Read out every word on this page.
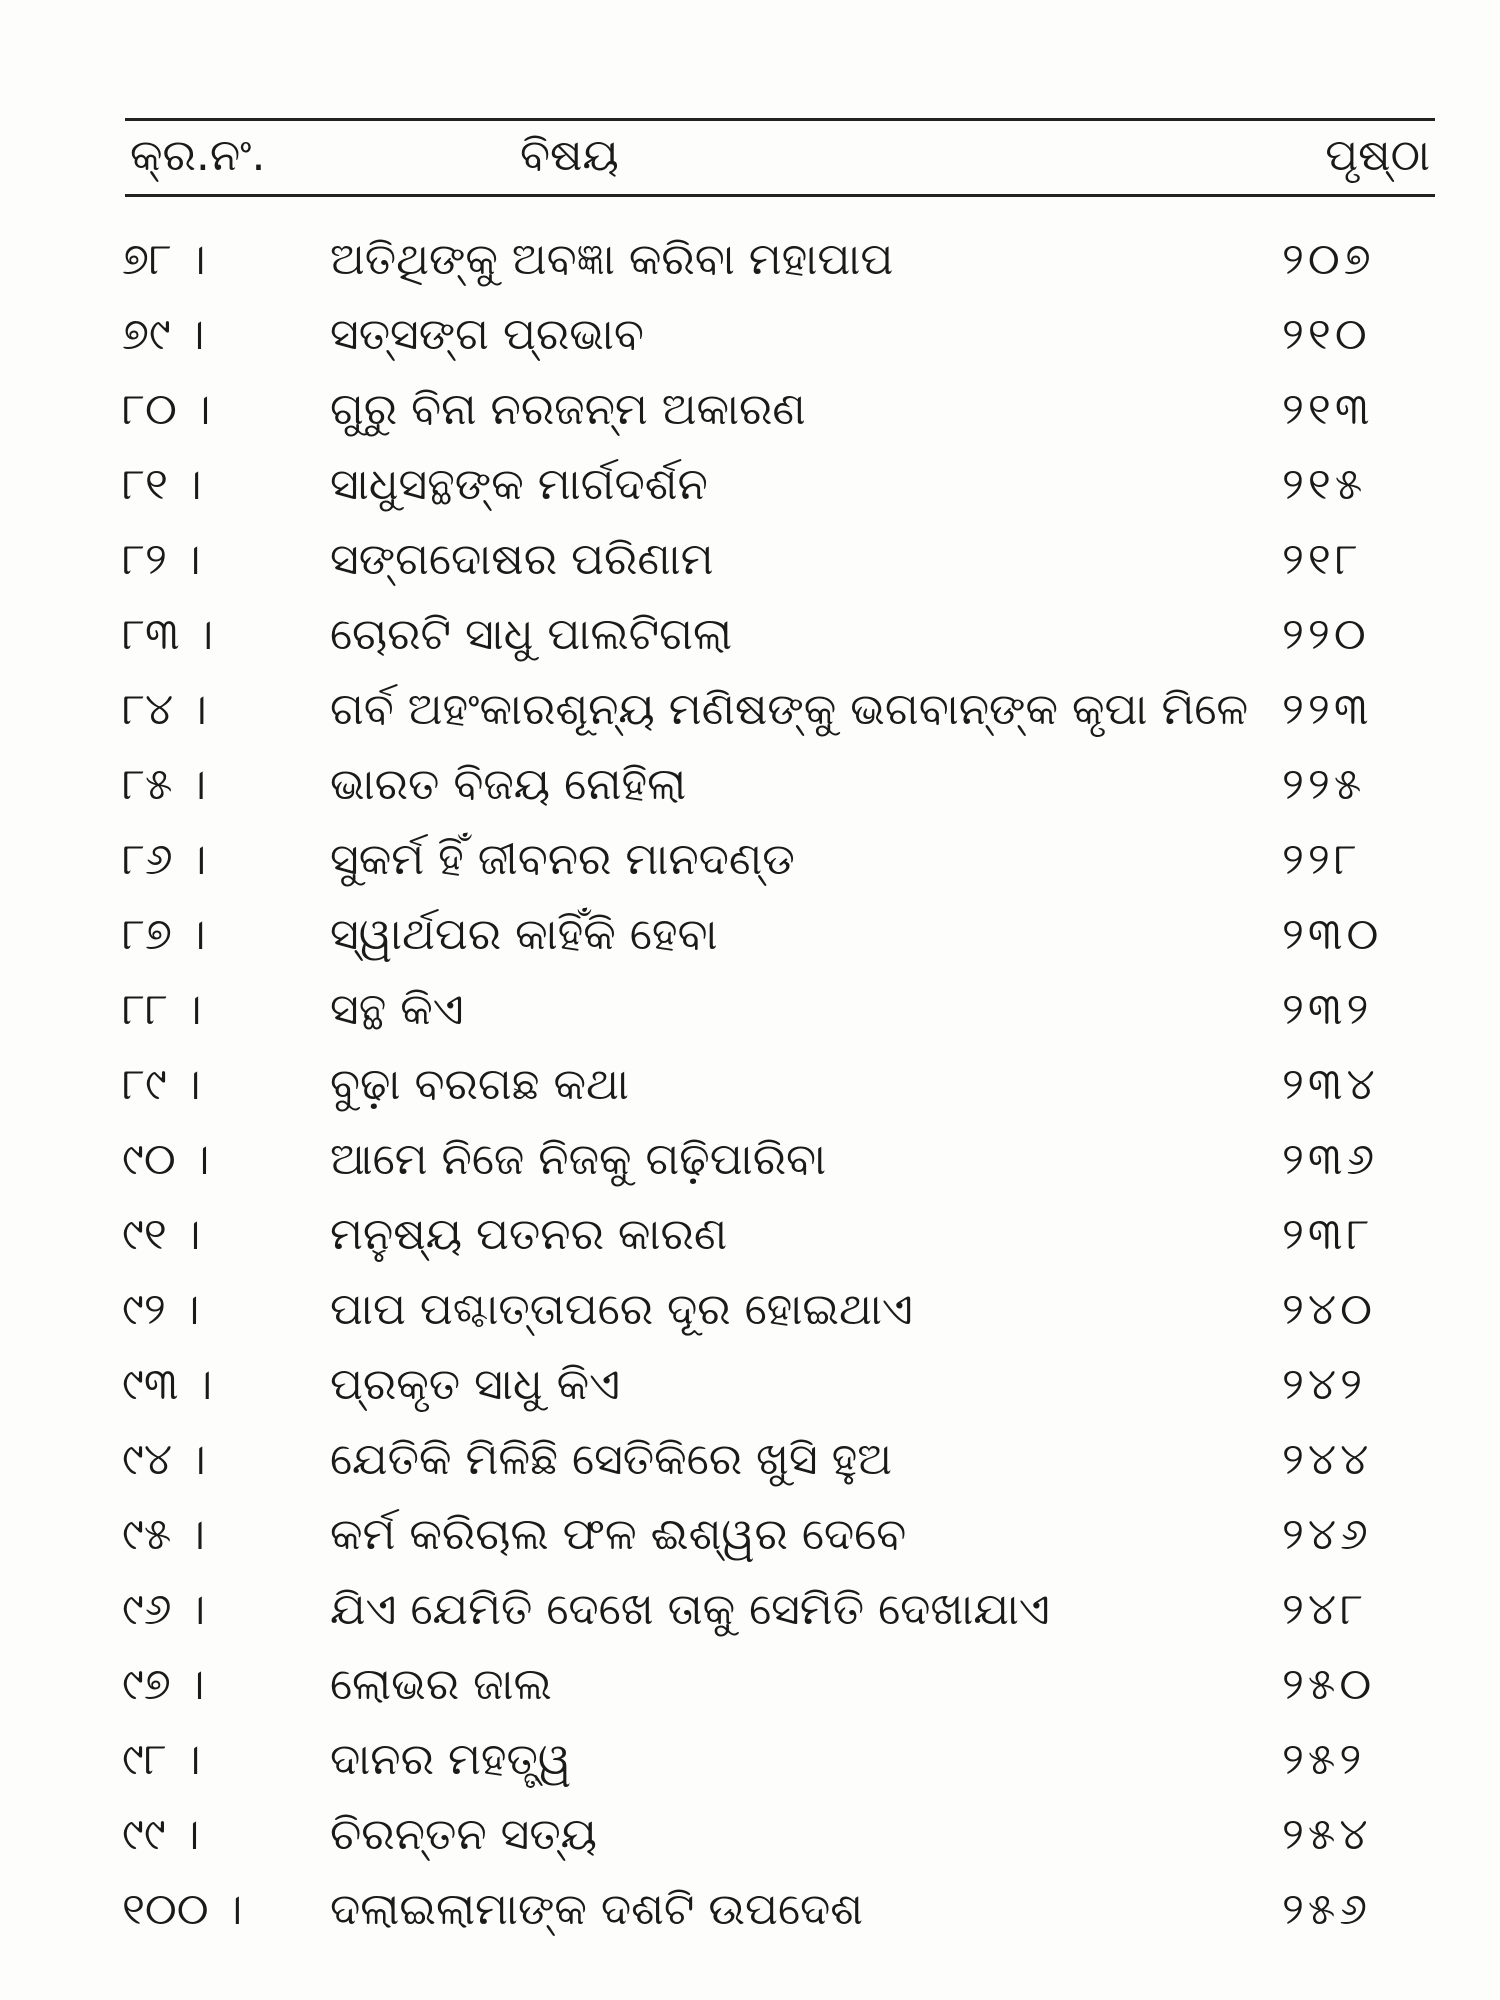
କ୍ର.ନଂ.	ବିଷୟ	ପୃଷ୍ଠା
୭୮ ।	ଅତିଥିଙ୍କୁ ଅବଜ୍ଞା କରିବା ମହାପାପ	୨୦୭
୭୯ ।	ସତ୍‌ସଙ୍ଗ ପ୍ରଭାବ	୨୧୦
୮୦ ।	ଗୁରୁ ବିନା ନରଜନ୍ମ ଅକାରଣ	୨୧୩
୮୧ ।	ସାଧୁସନ୍ଥଙ୍କ ମାର୍ଗଦର୍ଶନ	୨୧୫
୮୨ ।	ସଙ୍ଗଦୋଷର ପରିଣାମ	୨୧୮
୮୩ ।	ଚୋରଟି ସାଧୁ ପାଲଟିଗଲା	୨୨୦
୮୪ ।	ଗର୍ବ ଅହଂକାରଶୂନ୍ୟ ମଣିଷଙ୍କୁ ଭଗବାନ୍‌ଙ୍କ କୃପା ମିଳେ ୨୨୩
୮୫ ।	ଭାରତ ବିଜୟ ନୋହିଲା	୨୨୫
୮୬ ।	ସୁକର୍ମ ହିଁ ଜୀବନର ମାନଦଣ୍ଡ	୨୨୮
୮୭ ।	ସ୍ୱାର୍ଥପର କାହିଁକି ହେବା	୨୩୦
୮୮ ।	ସନ୍ଥ କିଏ	୨୩୨
୮୯ ।	ବୁଢ଼ା ବରଗଛ କଥା	୨୩୪
୯୦ ।	ଆମେ ନିଜେ ନିଜକୁ ଗଢ଼ିପାରିବା	୨୩୬
୯୧ ।	ମନୁଷ୍ୟ ପତନର କାରଣ	୨୩୮
୯୨ ।	ପାପ ପଶ୍ଚାତ୍ତାପରେ ଦୂର ହୋଇଥାଏ	୨୪୦
୯୩ ।	ପ୍ରକୃତ ସାଧୁ କିଏ	୨୪୨
୯୪ ।	ଯେତିକି ମିଳିଛି ସେତିକିରେ ଖୁସି ହୁଅ	୨୪୪
୯୫ ।	କର୍ମ କରିଚାଲ ଫଳ ଈଶ୍ୱର ଦେବେ	୨୪୬
୯୬ ।	ଯିଏ ଯେମିତି ଦେଖେ ତାକୁ ସେମିତି ଦେଖାଯାଏ	୨୪୮
୯୭ ।	ଲୋଭର ଜାଲ	୨୫୦
୯୮ ।	ଦାନର ମହତ୍ତ୍ୱ	୨୫୨
୯୯ ।	ଚିରନ୍ତନ ସତ୍ୟ	୨୫୪
୧୦୦ । ଦଲାଇଲାମାଙ୍କ ଦଶଟି ଉପଦେଶ	୨୫୬
